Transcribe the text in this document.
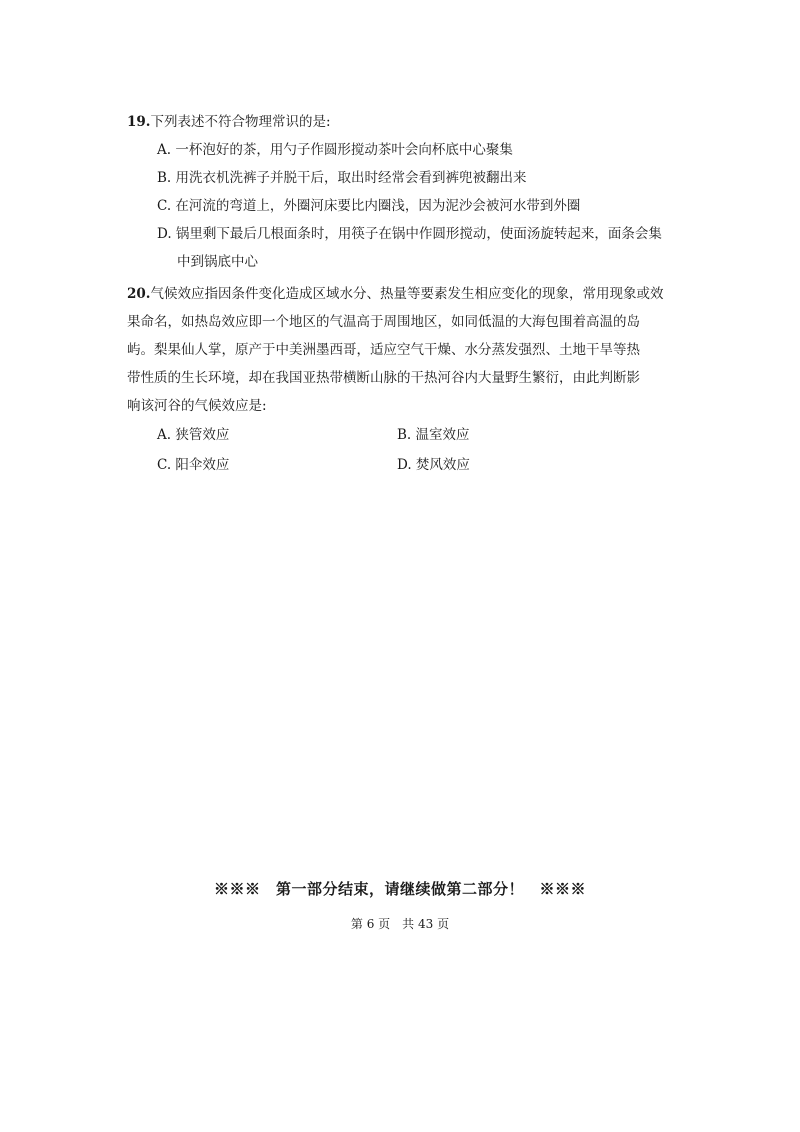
19.下列表述不符合物理常识的是:

A. 一杯泡好的茶，用勺子作圆形搅动茶叶会向杯底中心聚集
B. 用洗衣机洗裤子并脱干后，取出时经常会看到裤兜被翻出来
C. 在河流的弯道上，外圈河床要比内圈浅，因为泥沙会被河水带到外圈
D. 锅里剩下最后几根面条时，用筷子在锅中作圆形搅动，使面汤旋转起来，面条会集
中到锅底中心
20.气候效应指因条件变化造成区域水分、热量等要素发生相应变化的现象，常用现象或效
果命名，如热岛效应即一个地区的气温高于周围地区，如同低温的大海包围着高温的岛
屿。梨果仙人掌，原产于中美洲墨西哥，适应空气干燥、水分蒸发强烈、土地干旱等热
带性质的生长环境，却在我国亚热带横断山脉的干热河谷内大量野生繁衍，由此判断影
响该河谷的气候效应是:
A. 狭管效应	B. 温室效应
C. 阳伞效应	D. 焚风效应
※※※　第一部分结束，请继续做第二部分！　※※※
第 6 页　共 43 页
